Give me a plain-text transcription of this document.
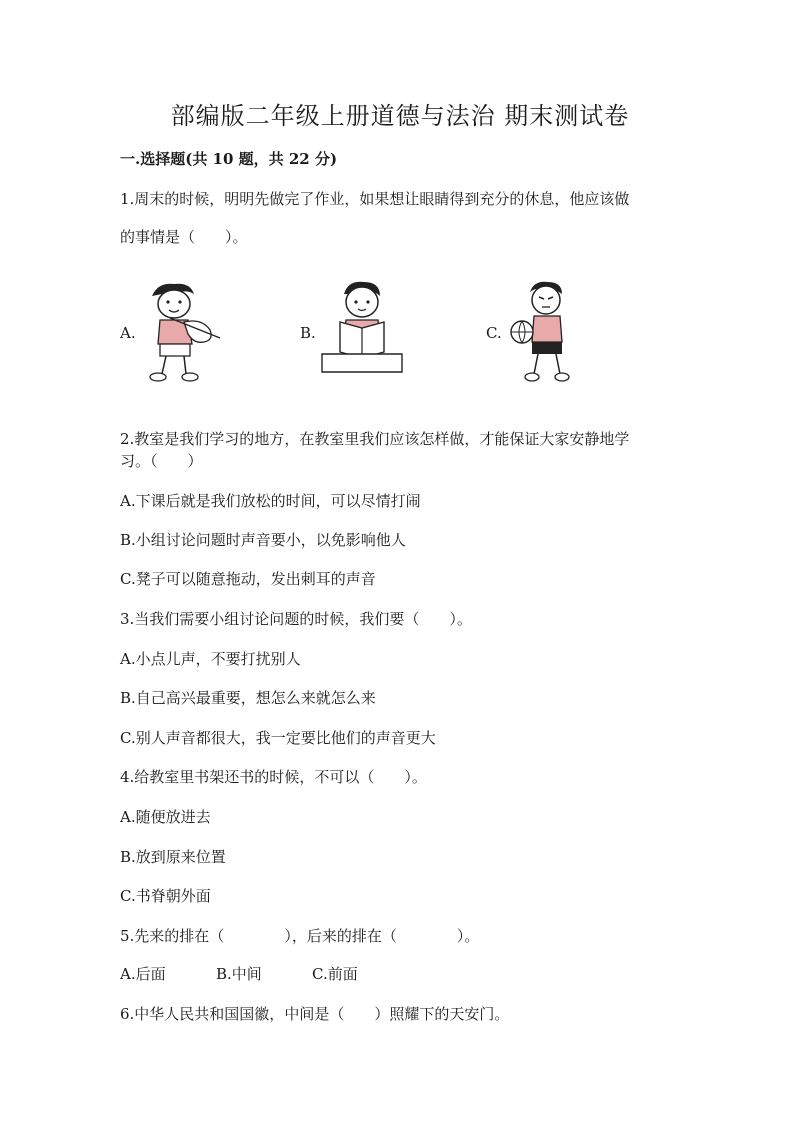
部编版二年级上册道德与法治 期末测试卷
一.选择题(共 10 题，共 22 分)
1.周末的时候，明明先做完了作业，如果想让眼睛得到充分的休息，他应该做
的事情是（　　）。
A.	B.	C.
2.教室是我们学习的地方，在教室里我们应该怎样做，才能保证大家安静地学
习。（　　）
A.下课后就是我们放松的时间，可以尽情打闹
B.小组讨论问题时声音要小，以免影响他人
C.凳子可以随意拖动，发出刺耳的声音
3.当我们需要小组讨论问题的时候，我们要（　　）。
A.小点儿声，不要打扰别人
B.自己高兴最重要，想怎么来就怎么来
C.别人声音都很大，我一定要比他们的声音更大
4.给教室里书架还书的时候，不可以（　　）。
A.随便放进去
B.放到原来位置
C.书脊朝外面
5.先来的排在（　　　　），后来的排在（　　　　）。
A.后面	B.中间	C.前面
6.中华人民共和国国徽，中间是（　　）照耀下的天安门。
